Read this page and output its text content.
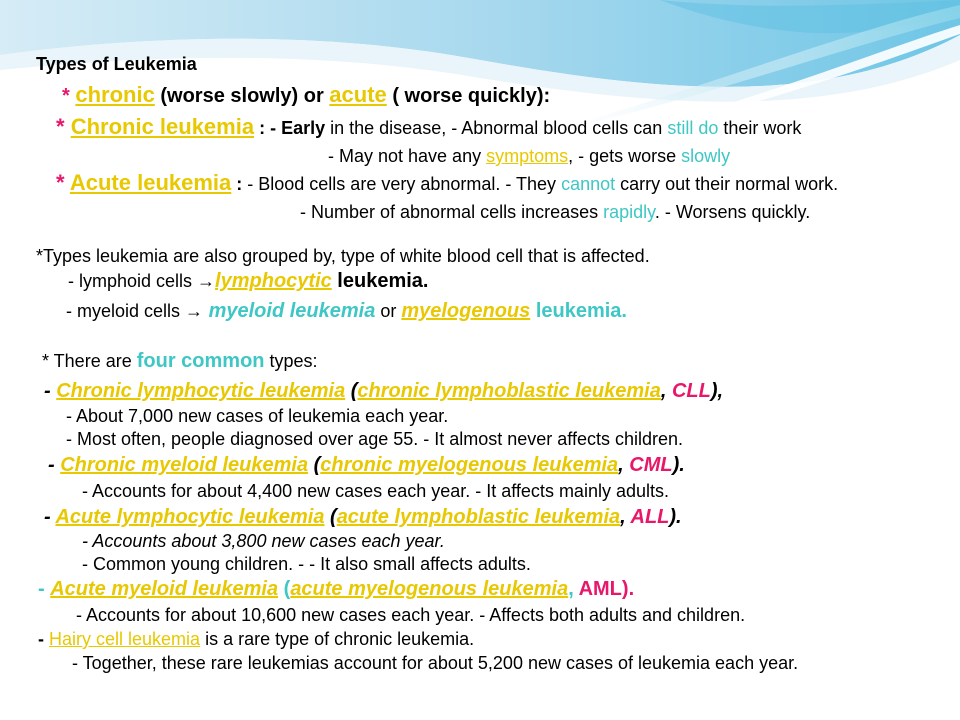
Types of Leukemia
* chronic (worse slowly) or acute ( worse quickly):
* Chronic leukemia : - Early in the disease, - Abnormal blood cells can still do their work
- May not have any symptoms, - gets worse slowly
* Acute leukemia : - Blood cells are very abnormal. - They cannot carry out their normal work.
- Number of abnormal cells increases rapidly. - Worsens quickly.
*Types leukemia are also grouped by, type of white blood cell that is affected.
- lymphoid cells →lymphocytic leukemia.
- myeloid cells → myeloid leukemia or myelogenous leukemia.
* There are four common types:
- Chronic lymphocytic leukemia (chronic lymphoblastic leukemia, CLL),
- About 7,000 new cases of leukemia each year.
- Most often, people diagnosed over age 55. - It almost never affects children.
- Chronic myeloid leukemia (chronic myelogenous leukemia, CML).
- Accounts for about 4,400 new cases each year. - It affects mainly adults.
- Acute lymphocytic leukemia (acute lymphoblastic leukemia, ALL).
- Accounts about 3,800 new cases each year.
- Common young children. - - It also small affects adults.
- Acute myeloid leukemia (acute myelogenous leukemia, AML).
- Accounts for about 10,600 new cases each year. - Affects both adults and children.
- Hairy cell leukemia is a rare type of chronic leukemia.
- Together, these rare leukemias account for about 5,200 new cases of leukemia each year.
